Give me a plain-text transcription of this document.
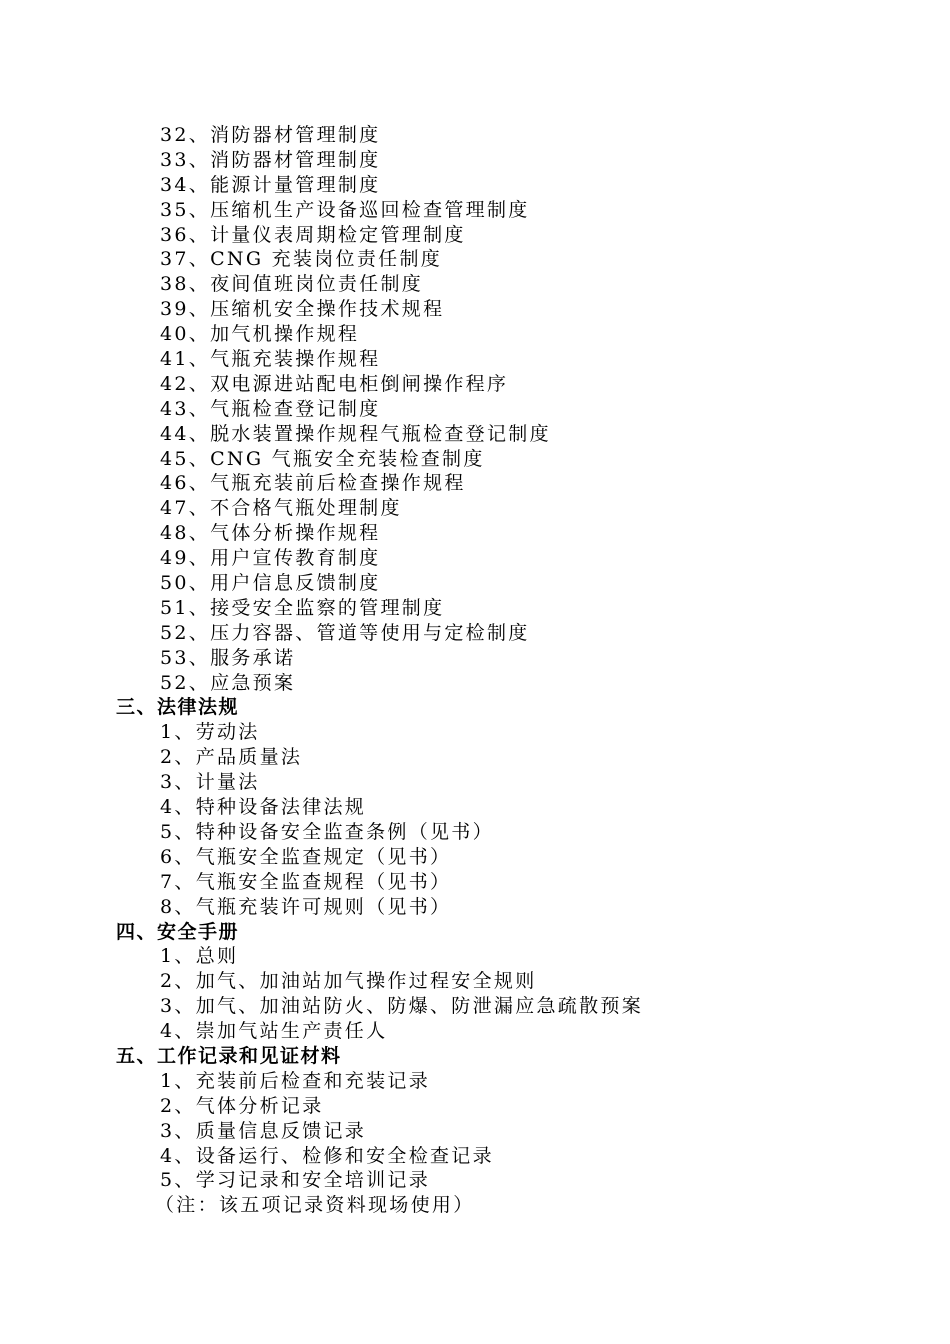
32、消防器材管理制度
33、消防器材管理制度
34、能源计量管理制度
35、压缩机生产设备巡回检查管理制度
36、计量仪表周期检定管理制度
37、CNG 充装岗位责任制度
38、夜间值班岗位责任制度
39、压缩机安全操作技术规程
40、加气机操作规程
41、气瓶充装操作规程
42、双电源进站配电柜倒闸操作程序
43、气瓶检查登记制度
44、脱水装置操作规程气瓶检查登记制度
45、CNG 气瓶安全充装检查制度
46、气瓶充装前后检查操作规程
47、不合格气瓶处理制度
48、气体分析操作规程
49、用户宣传教育制度
50、用户信息反馈制度
51、接受安全监察的管理制度
52、压力容器、管道等使用与定检制度
53、服务承诺
52、应急预案
三、法律法规
1、劳动法
2、产品质量法
3、计量法
4、特种设备法律法规
5、特种设备安全监查条例（见书）
6、气瓶安全监查规定（见书）
7、气瓶安全监查规程（见书）
8、气瓶充装许可规则（见书）
四、安全手册
1、总则
2、加气、加油站加气操作过程安全规则
3、加气、加油站防火、防爆、防泄漏应急疏散预案
4、崇加气站生产责任人
五、工作记录和见证材料
1、充装前后检查和充装记录
2、气体分析记录
3、质量信息反馈记录
4、设备运行、检修和安全检查记录
5、学习记录和安全培训记录
（注：该五项记录资料现场使用）
